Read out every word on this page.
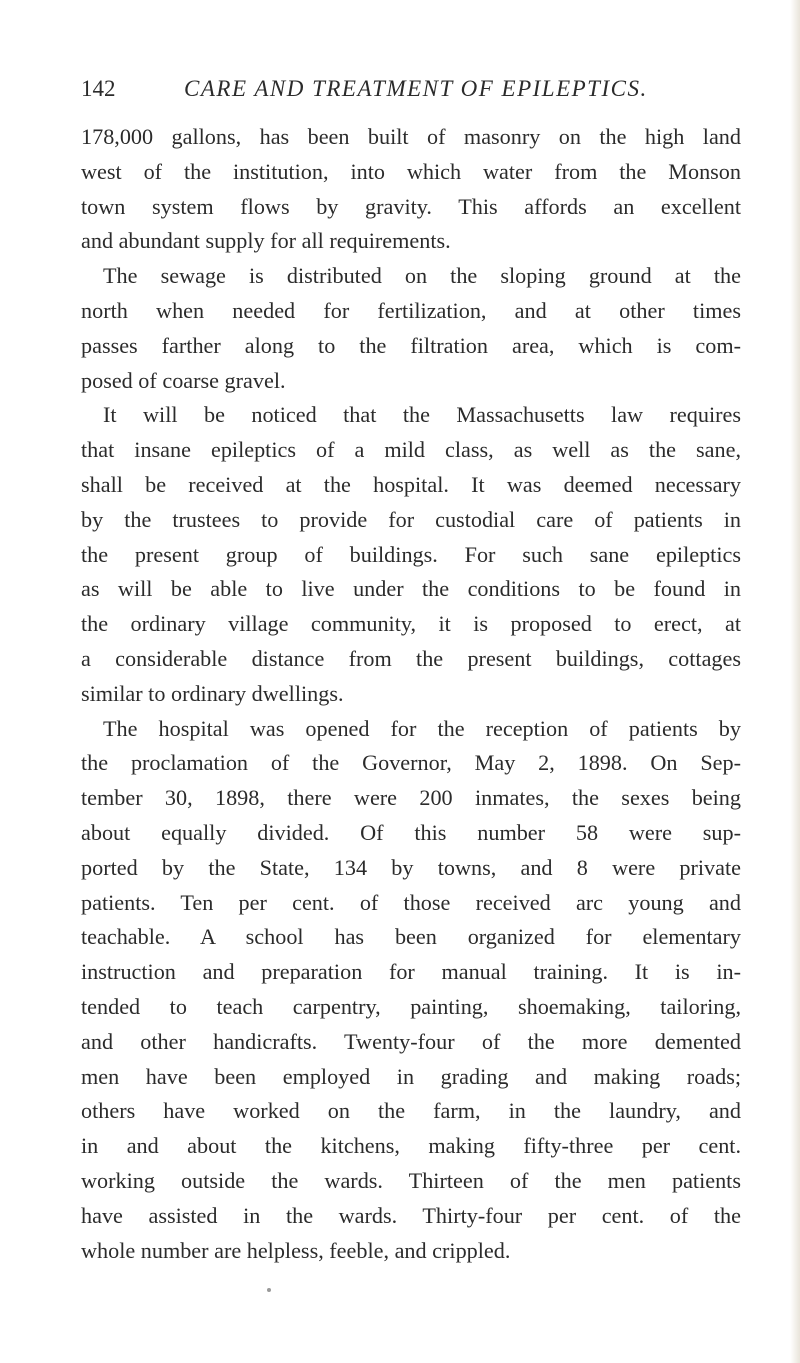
142	CARE AND TREATMENT OF EPILEPTICS.
178,000 gallons, has been built of masonry on the high land
west of the institution, into which water from the Monson
town system flows by gravity. This affords an excellent
and abundant supply for all requirements.
The sewage is distributed on the sloping ground at the
north when needed for fertilization, and at other times
passes farther along to the filtration area, which is com-
posed of coarse gravel.
It will be noticed that the Massachusetts law requires
that insane epileptics of a mild class, as well as the sane,
shall be received at the hospital. It was deemed necessary
by the trustees to provide for custodial care of patients in
the present group of buildings. For such sane epileptics
as will be able to live under the conditions to be found in
the ordinary village community, it is proposed to erect, at
a considerable distance from the present buildings, cottages
similar to ordinary dwellings.
The hospital was opened for the reception of patients by
the proclamation of the Governor, May 2, 1898. On Sep-
tember 30, 1898, there were 200 inmates, the sexes being
about equally divided. Of this number 58 were sup-
ported by the State, 134 by towns, and 8 were private
patients. Ten per cent. of those received arc young and
teachable. A school has been organized for elementary
instruction and preparation for manual training. It is in-
tended to teach carpentry, painting, shoemaking, tailoring,
and other handicrafts. Twenty-four of the more demented
men have been employed in grading and making roads;
others have worked on the farm, in the laundry, and
in and about the kitchens, making fifty-three per cent.
working outside the wards. Thirteen of the men patients
have assisted in the wards. Thirty-four per cent. of the
whole number are helpless, feeble, and crippled.
